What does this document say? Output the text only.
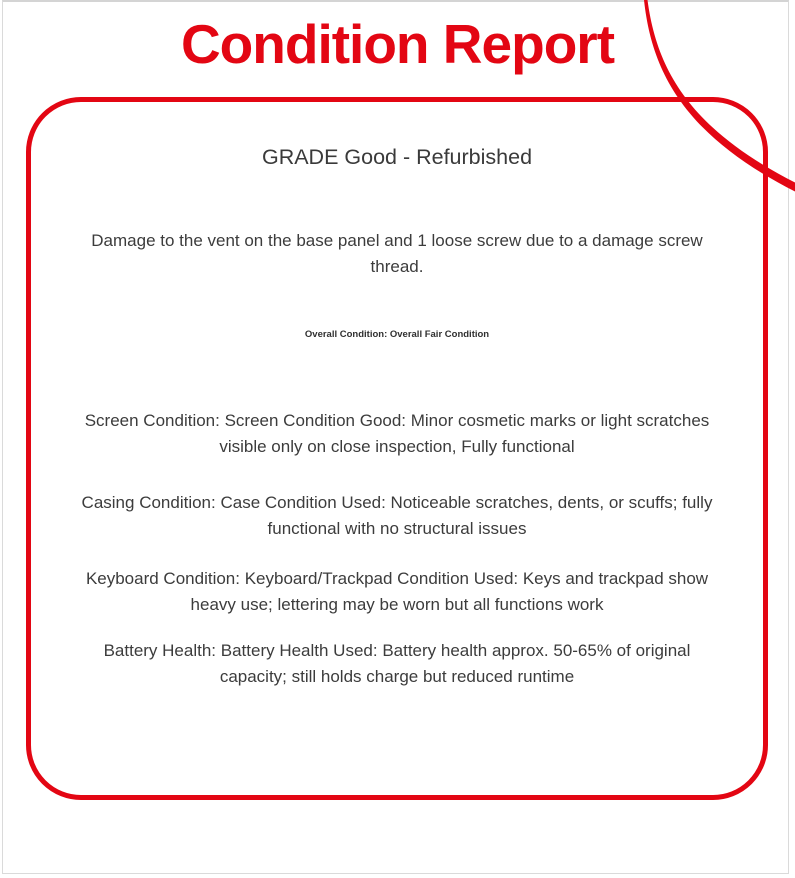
Condition Report
GRADE Good - Refurbished

Damage to the vent on the base panel and 1 loose screw due to a damage screw thread.

Overall Condition: Overall Fair Condition

Screen Condition: Screen Condition Good: Minor cosmetic marks or light scratches visible only on close inspection, Fully functional

Casing Condition: Case Condition Used: Noticeable scratches, dents, or scuffs; fully functional with no structural issues

Keyboard Condition: Keyboard/Trackpad Condition Used: Keys and trackpad show heavy use; lettering may be worn but all functions work

Battery Health: Battery Health Used: Battery health approx. 50-65% of original capacity; still holds charge but reduced runtime
